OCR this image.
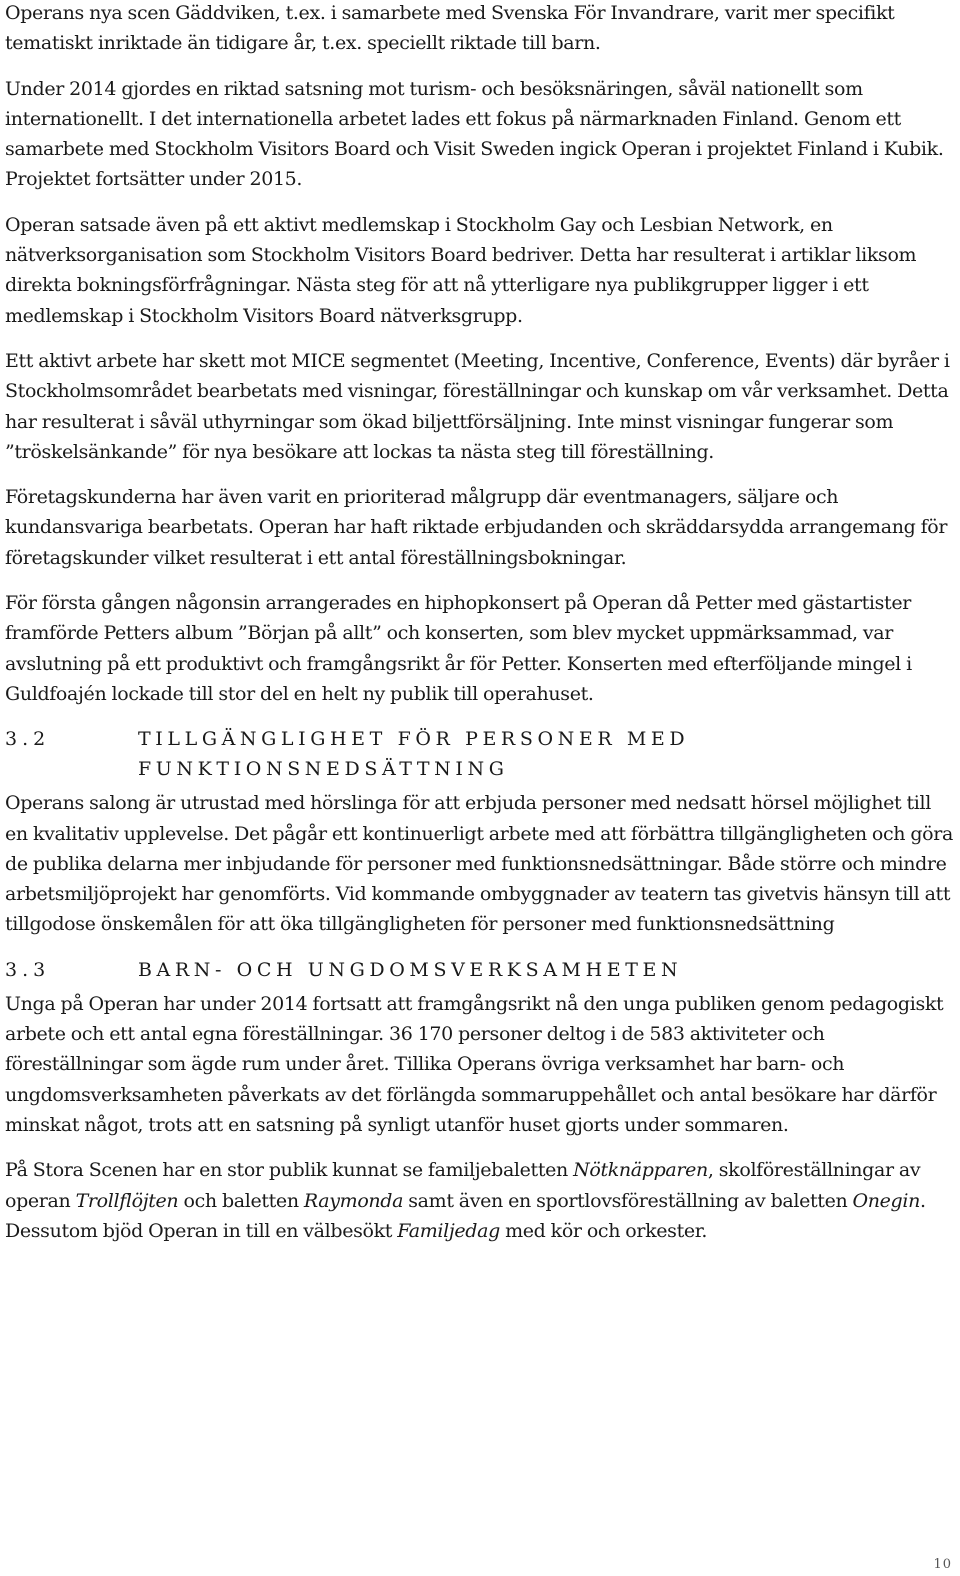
Operans nya scen Gäddviken, t.ex. i samarbete med Svenska För Invandrare, varit mer specifikt tematiskt inriktade än tidigare år, t.ex. speciellt riktade till barn.

Under 2014 gjordes en riktad satsning mot turism- och besöksnäringen, såväl nationellt som internationellt. I det internationella arbetet lades ett fokus på närmarknaden Finland. Genom ett samarbete med Stockholm Visitors Board och Visit Sweden ingick Operan i projektet Finland i Kubik. Projektet fortsätter under 2015.

Operan satsade även på ett aktivt medlemskap i Stockholm Gay och Lesbian Network, en nätverksorganisation som Stockholm Visitors Board bedriver. Detta har resulterat i artiklar liksom direkta bokningsförfrågningar. Nästa steg för att nå ytterligare nya publikgrupper ligger i ett medlemskap i Stockholm Visitors Board nätverksgrupp.

Ett aktivt arbete har skett mot MICE segmentet (Meeting, Incentive, Conference, Events) där byråer i Stockholmsområdet bearbetats med visningar, föreställningar och kunskap om vår verksamhet. Detta har resulterat i såväl uthyrningar som ökad biljettförsäljning. Inte minst visningar fungerar som ”tröskelsänkande” för nya besökare att lockas ta nästa steg till föreställning.

Företagskunderna har även varit en prioriterad målgrupp där eventmanagers, säljare och kundansvariga bearbetats. Operan har haft riktade erbjudanden och skräddarsydda arrangemang för företagskunder vilket resulterat i ett antal föreställningsbokningar.

För första gången någonsin arrangerades en hiphopkonsert på Operan då Petter med gästartister framförde Petters album ”Början på allt” och konserten, som blev mycket uppmärksammad, var avslutning på ett produktivt och framgångsrikt år för Petter. Konserten med efterföljande mingel i Guldfoajén lockade till stor del en helt ny publik till operahuset.

3.2	TILLGÄNGLIGHET FÖR PERSONER MED FUNKTIONSNEDSÄTTNING

Operans salong är utrustad med hörslinga för att erbjuda personer med nedsatt hörsel möjlighet till en kvalitativ upplevelse. Det pågår ett kontinuerligt arbete med att förbättra tillgängligheten och göra de publika delarna mer inbjudande för personer med funktionsnedsättningar. Både större och mindre arbetsmiljöprojekt har genomförts. Vid kommande ombyggnader av teatern tas givetvis hänsyn till att tillgodose önskemålen för att öka tillgängligheten för personer med funktionsnedsättning

3.3	BARN- OCH UNGDOMSVERKSAMHETEN

Unga på Operan har under 2014 fortsatt att framgångsrikt nå den unga publiken genom pedagogiskt arbete och ett antal egna föreställningar. 36 170 personer deltog i de 583 aktiviteter och föreställningar som ägde rum under året. Tillika Operans övriga verksamhet har barn- och ungdomsverksamheten påverkats av det förlängda sommaruppehållet och antal besökare har därför minskat något, trots att en satsning på synligt utanför huset gjorts under sommaren.

På Stora Scenen har en stor publik kunnat se familjebaletten Nötknäpparen, skolföreställningar av operan Trollflöjten och baletten Raymonda samt även en sportlovsföreställning av baletten Onegin. Dessutom bjöd Operan in till en välbesökt Familjedag med kör och orkester.

10
